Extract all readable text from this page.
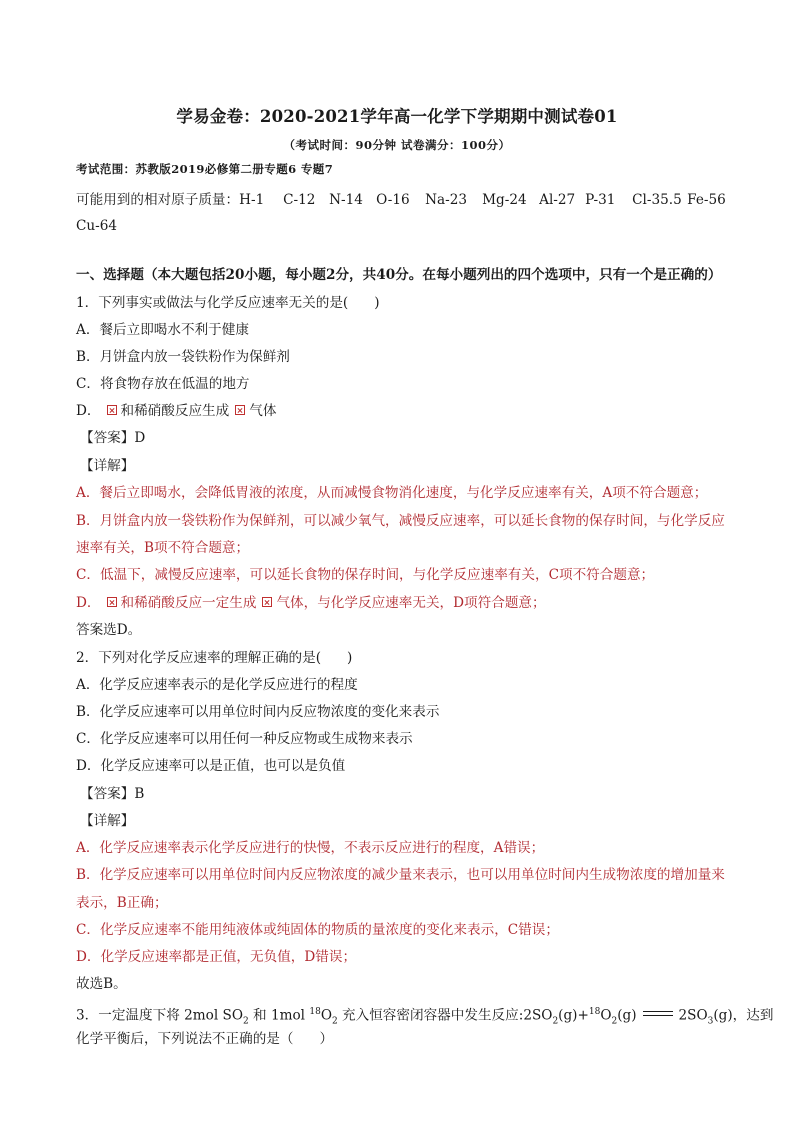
学易金卷：2020-2021学年高一化学下学期期中测试卷01
（考试时间：90分钟 试卷满分：100分）
考试范围：苏教版2019必修第二册专题6 专题7
可能用到的相对原子质量：H-1 C-12 N-14 O-16 Na-23 Mg-24 Al-27 P-31 Cl-35.5 Fe-56
Cu-64
一、选择题（本大题包括20小题，每小题2分，共40分。在每小题列出的四个选项中，只有一个是正确的）
1．下列事实或做法与化学反应速率无关的是( )
A．餐后立即喝水不利于健康
B．月饼盒内放一袋铁粉作为保鲜剂
C．将食物存放在低温的地方
D． 和稀硝酸反应生成 气体
【答案】D
【详解】
A．餐后立即喝水，会降低胃液的浓度，从而减慢食物消化速度，与化学反应速率有关，A项不符合题意；
B．月饼盒内放一袋铁粉作为保鲜剂，可以减少氧气，减慢反应速率，可以延长食物的保存时间，与化学反应
速率有关，B项不符合题意；
C．低温下，减慢反应速率，可以延长食物的保存时间，与化学反应速率有关，C项不符合题意；
D． 和稀硝酸反应一定生成 气体，与化学反应速率无关，D项符合题意；
答案选D。
2．下列对化学反应速率的理解正确的是( )
A．化学反应速率表示的是化学反应进行的程度
B．化学反应速率可以用单位时间内反应物浓度的变化来表示
C．化学反应速率可以用任何一种反应物或生成物来表示
D．化学反应速率可以是正值，也可以是负值
【答案】B
【详解】
A．化学反应速率表示化学反应进行的快慢，不表示反应进行的程度，A错误；
B．化学反应速率可以用单位时间内反应物浓度的减少量来表示，也可以用单位时间内生成物浓度的增加量来
表示，B正确；
C．化学反应速率不能用纯液体或纯固体的物质的量浓度的变化来表示，C错误；
D．化学反应速率都是正值，无负值，D错误；
故选B。
3．一定温度下将 2mol $SO_2$ 和 1mol $^{18}O_2$ 充入恒容密闭容器中发生反应$:2SO_2(g)+^{18}O_2(g)$	$2SO_3(g)$，达到
化学平衡后，下列说法不正确的是（ ）
